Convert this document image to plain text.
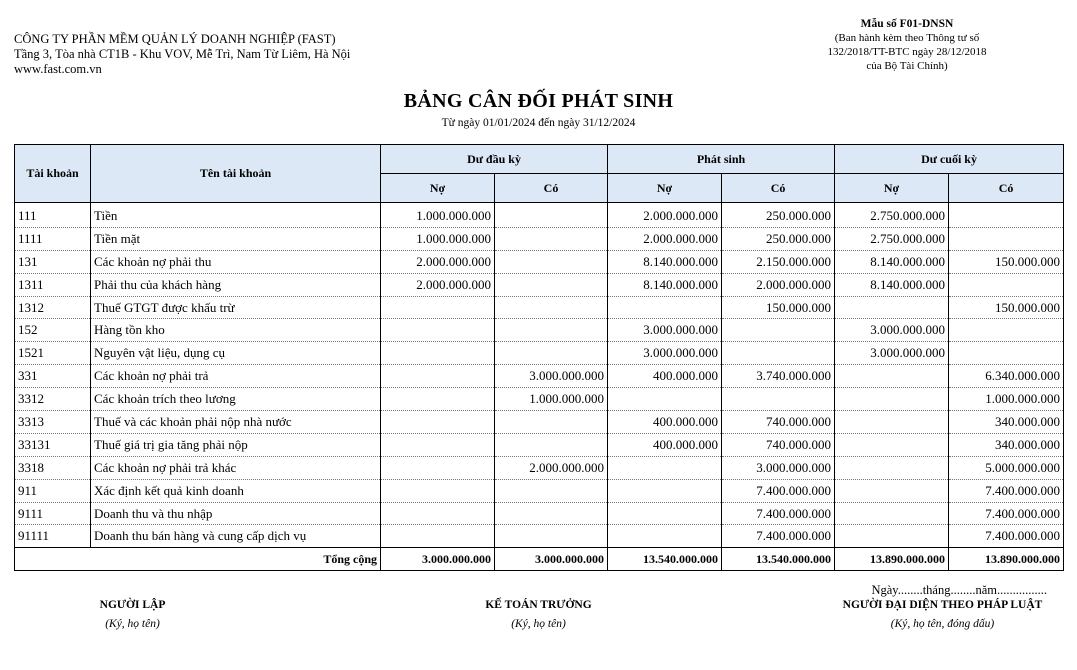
CÔNG TY PHẦN MỀM QUẢN LÝ DOANH NGHIỆP (FAST)
Tầng 3, Tòa nhà CT1B - Khu VOV, Mễ Trì, Nam Từ Liêm, Hà Nội
www.fast.com.vn
Mẫu số F01-DNSN
(Ban hành kèm theo Thông tư số
132/2018/TT-BTC ngày 28/12/2018
của Bộ Tài Chính)
BẢNG CÂN ĐỐI PHÁT SINH
Từ ngày 01/01/2024 đến ngày 31/12/2024
Tài khoản	Tên tài khoản	Dư đầu kỳ		Phát sinh		Dư cuối kỳ	
		Nợ	Có	Nợ	Có	Nợ	Có
111	Tiền	1.000.000.000		2.000.000.000	250.000.000	2.750.000.000	
1111	Tiền mặt	1.000.000.000		2.000.000.000	250.000.000	2.750.000.000	
131	Các khoản nợ phải thu	2.000.000.000		8.140.000.000	2.150.000.000	8.140.000.000	150.000.000
1311	Phải thu của khách hàng	2.000.000.000		8.140.000.000	2.000.000.000	8.140.000.000	
1312	Thuế GTGT được khấu trừ				150.000.000		150.000.000
152	Hàng tồn kho			3.000.000.000		3.000.000.000	
1521	Nguyên vật liệu, dụng cụ			3.000.000.000		3.000.000.000	
331	Các khoản nợ phải trả		3.000.000.000	400.000.000	3.740.000.000		6.340.000.000
3312	Các khoản trích theo lương		1.000.000.000				1.000.000.000
3313	Thuế và các khoản phải nộp nhà nước			400.000.000	740.000.000		340.000.000
33131	Thuế giá trị gia tăng phải nộp			400.000.000	740.000.000		340.000.000
3318	Các khoản nợ phải trả khác		2.000.000.000		3.000.000.000		5.000.000.000
911	Xác định kết quả kinh doanh				7.400.000.000		7.400.000.000
9111	Doanh thu và thu nhập				7.400.000.000		7.400.000.000
91111	Doanh thu bán hàng và cung cấp dịch vụ				7.400.000.000		7.400.000.000
Tổng cộng		3.000.000.000	3.000.000.000	13.540.000.000	13.540.000.000	13.890.000.000	13.890.000.000
Ngày........tháng........năm................
NGƯỜI LẬP
(Ký, họ tên)
KẾ TOÁN TRƯỞNG
(Ký, họ tên)
NGƯỜI ĐẠI DIỆN THEO PHÁP LUẬT
(Ký, họ tên, đóng dấu)
